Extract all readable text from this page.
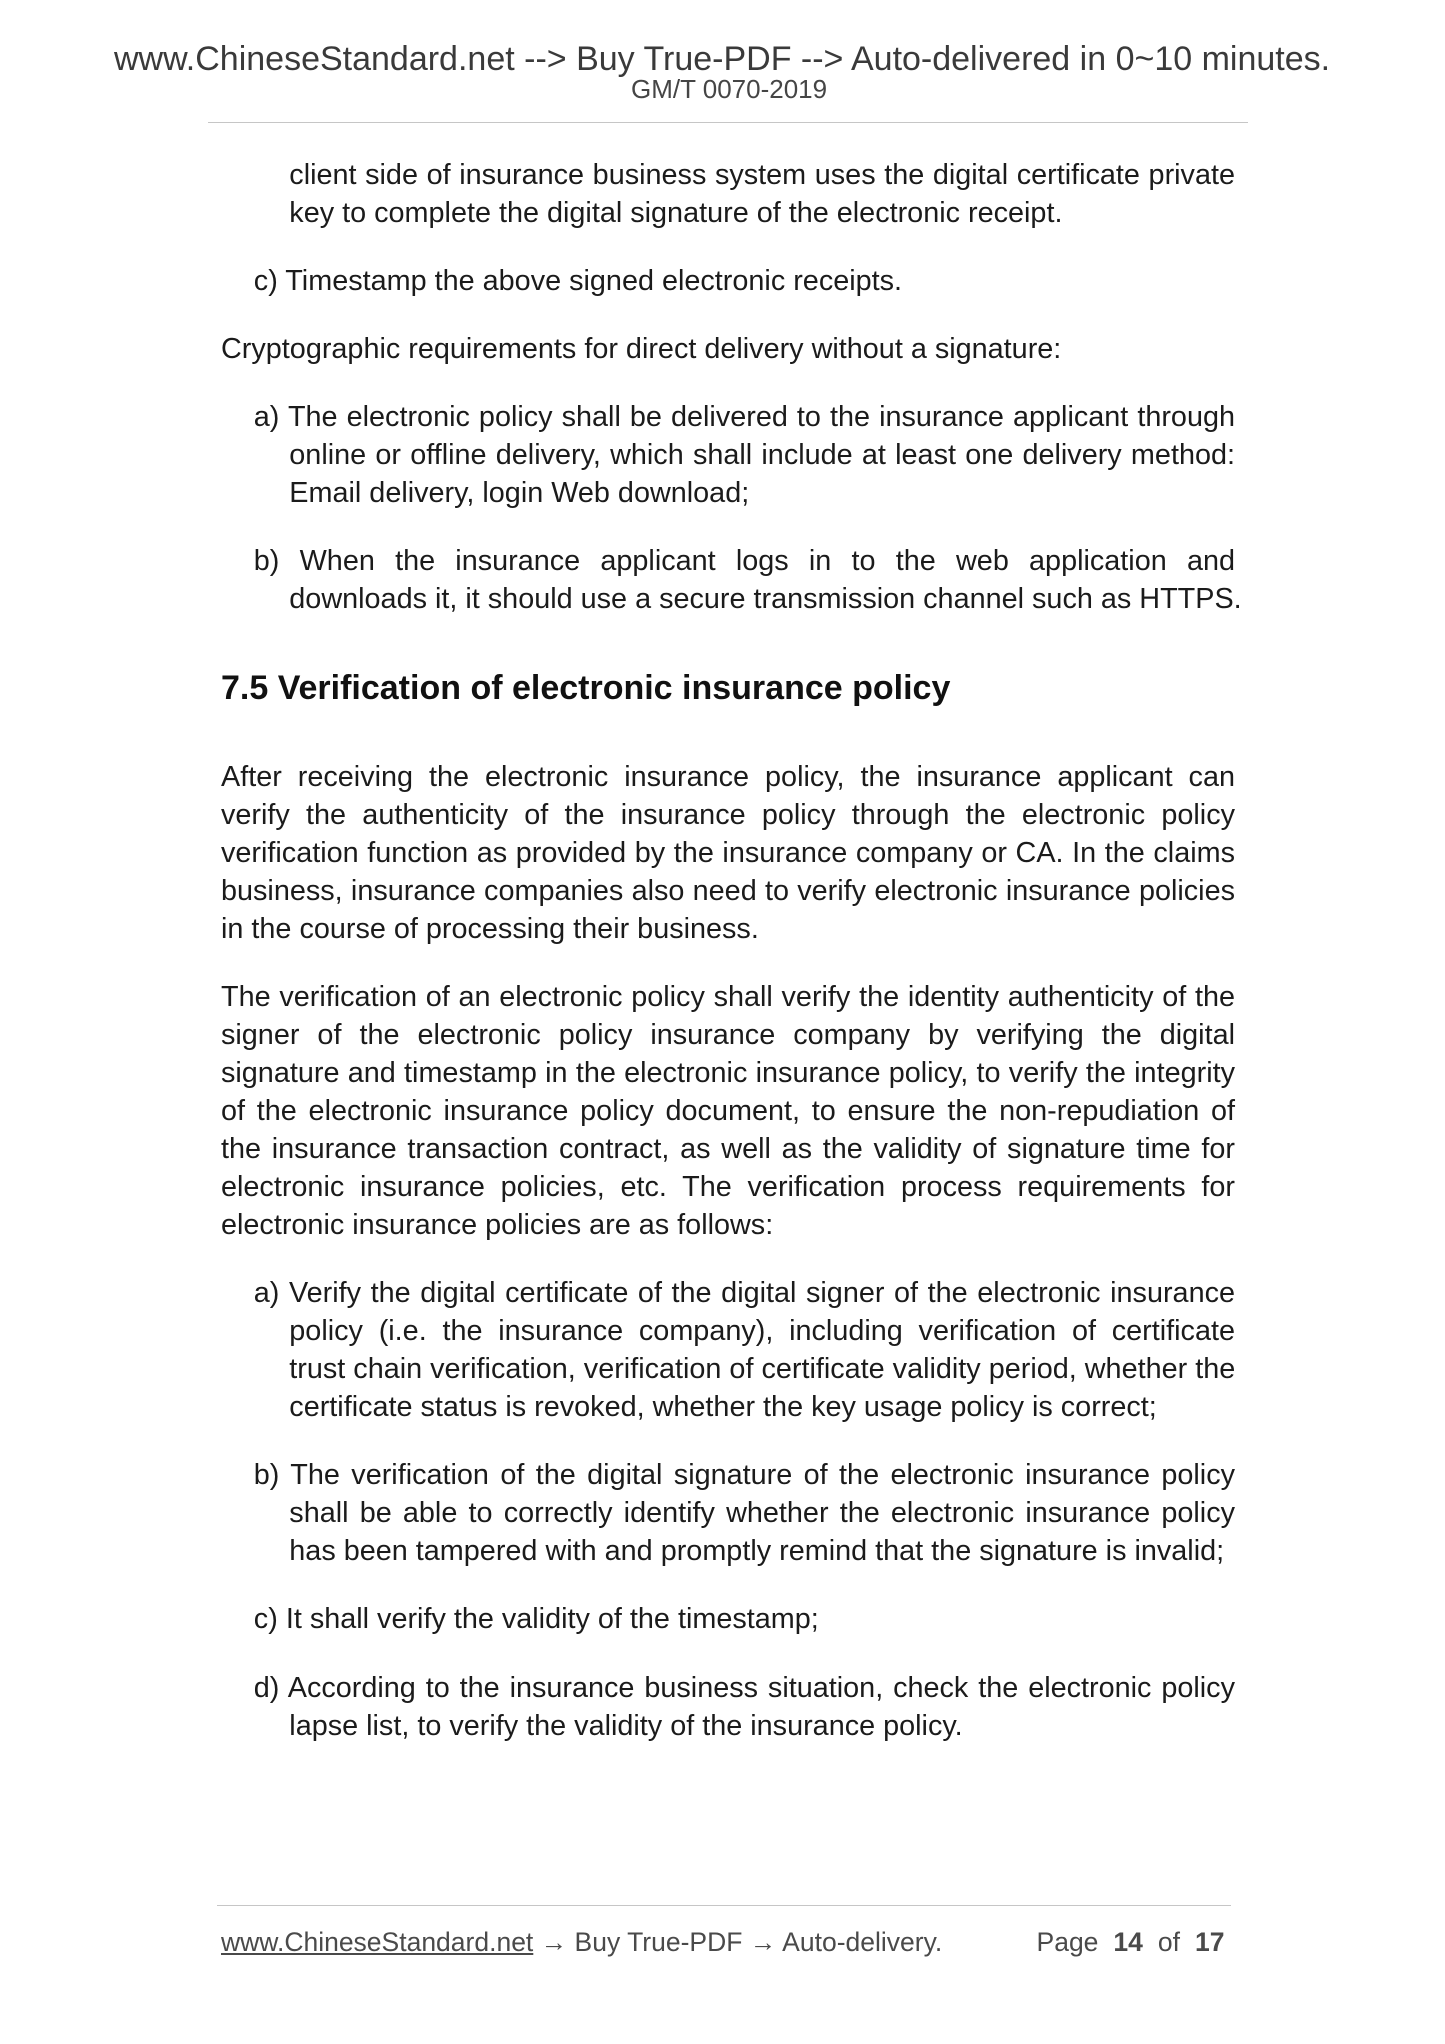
www.ChineseStandard.net --> Buy True-PDF --> Auto-delivered in 0~10 minutes.
GM/T 0070-2019
client side of insurance business system uses the digital certificate private
key to complete the digital signature of the electronic receipt.
c) Timestamp the above signed electronic receipts.
Cryptographic requirements for direct delivery without a signature:
a) The electronic policy shall be delivered to the insurance applicant through
online or offline delivery, which shall include at least one delivery method:
Email delivery, login Web download;
b) When the insurance applicant logs in to the web application and
downloads it, it should use a secure transmission channel such as HTTPS.
7.5 Verification of electronic insurance policy
After receiving the electronic insurance policy, the insurance applicant can
verify the authenticity of the insurance policy through the electronic policy
verification function as provided by the insurance company or CA. In the claims
business, insurance companies also need to verify electronic insurance policies
in the course of processing their business.
The verification of an electronic policy shall verify the identity authenticity of the
signer of the electronic policy insurance company by verifying the digital
signature and timestamp in the electronic insurance policy, to verify the integrity
of the electronic insurance policy document, to ensure the non-repudiation of
the insurance transaction contract, as well as the validity of signature time for
electronic insurance policies, etc. The verification process requirements for
electronic insurance policies are as follows:
a) Verify the digital certificate of the digital signer of the electronic insurance
policy (i.e. the insurance company), including verification of certificate
trust chain verification, verification of certificate validity period, whether the
certificate status is revoked, whether the key usage policy is correct;
b) The verification of the digital signature of the electronic insurance policy
shall be able to correctly identify whether the electronic insurance policy
has been tampered with and promptly remind that the signature is invalid;
c) It shall verify the validity of the timestamp;
d) According to the insurance business situation, check the electronic policy
lapse list, to verify the validity of the insurance policy.
www.ChineseStandard.net → Buy True-PDF → Auto-delivery.	Page 14 of 17
